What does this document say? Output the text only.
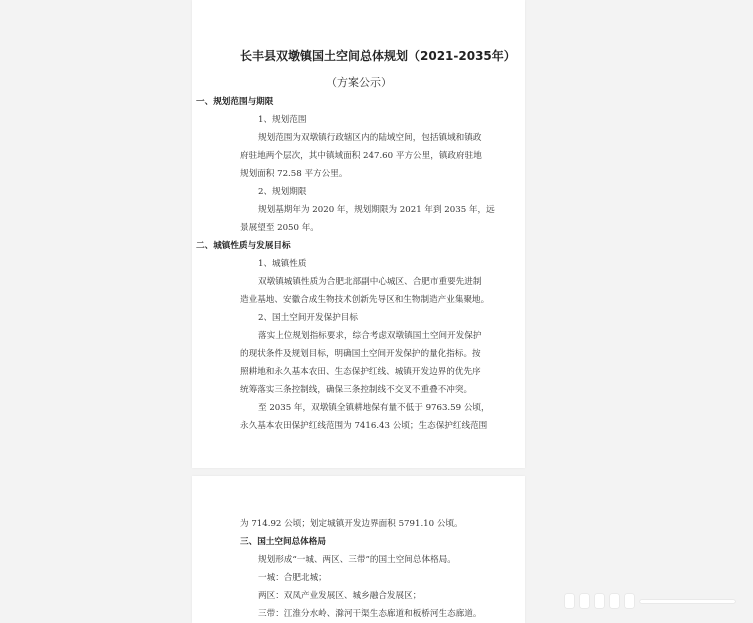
长丰县双墩镇国土空间总体规划（2021-2035年）
（方案公示）
一、规划范围与期限
1、规划范围
规划范围为双墩镇行政辖区内的陆域空间，包括镇域和镇政
府驻地两个层次，其中镇域面积 247.60 平方公里，镇政府驻地
规划面积 72.58 平方公里。
2、规划期限
规划基期年为 2020 年，规划期限为 2021 年到 2035 年，远
景展望至 2050 年。
二、城镇性质与发展目标
1、城镇性质
双墩镇城镇性质为合肥北部副中心城区、合肥市重要先进制
造业基地、安徽合成生物技术创新先导区和生物制造产业集聚地。
2、国土空间开发保护目标
落实上位规划指标要求，综合考虑双墩镇国土空间开发保护
的现状条件及规划目标，明确国土空间开发保护的量化指标。按
照耕地和永久基本农田、生态保护红线、城镇开发边界的优先序
统筹落实三条控制线，确保三条控制线不交叉不重叠不冲突。
至 2035 年，双墩镇全镇耕地保有量不低于 9763.59 公顷，
永久基本农田保护红线范围为 7416.43 公顷；生态保护红线范围
为 714.92 公顷；划定城镇开发边界面积 5791.10 公顷。
三、国土空间总体格局
规划形成“一城、两区、三带”的国土空间总体格局。
一城：合肥北城；
两区：双凤产业发展区、城乡融合发展区；
三带：江淮分水岭、滁河干渠生态廊道和板桥河生态廊道。
